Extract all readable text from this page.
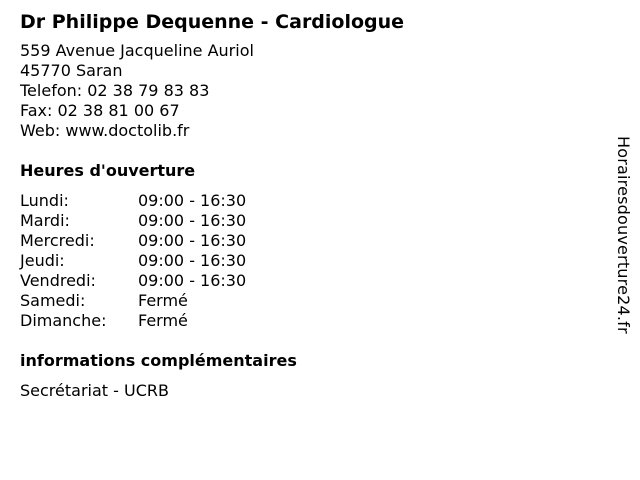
Dr Philippe Dequenne - Cardiologue
559 Avenue Jacqueline Auriol
45770 Saran
Telefon: 02 38 79 83 83
Fax: 02 38 81 00 67
Web: www.doctolib.fr
Heures d'ouverture
Lundi:	09:00 - 16:30
Mardi:	09:00 - 16:30
Mercredi:	09:00 - 16:30
Jeudi:	09:00 - 16:30
Vendredi:	09:00 - 16:30
Samedi:	Fermé
Dimanche:	Fermé
informations complémentaires
Secrétariat - UCRB
Horairesdouverture24.fr
